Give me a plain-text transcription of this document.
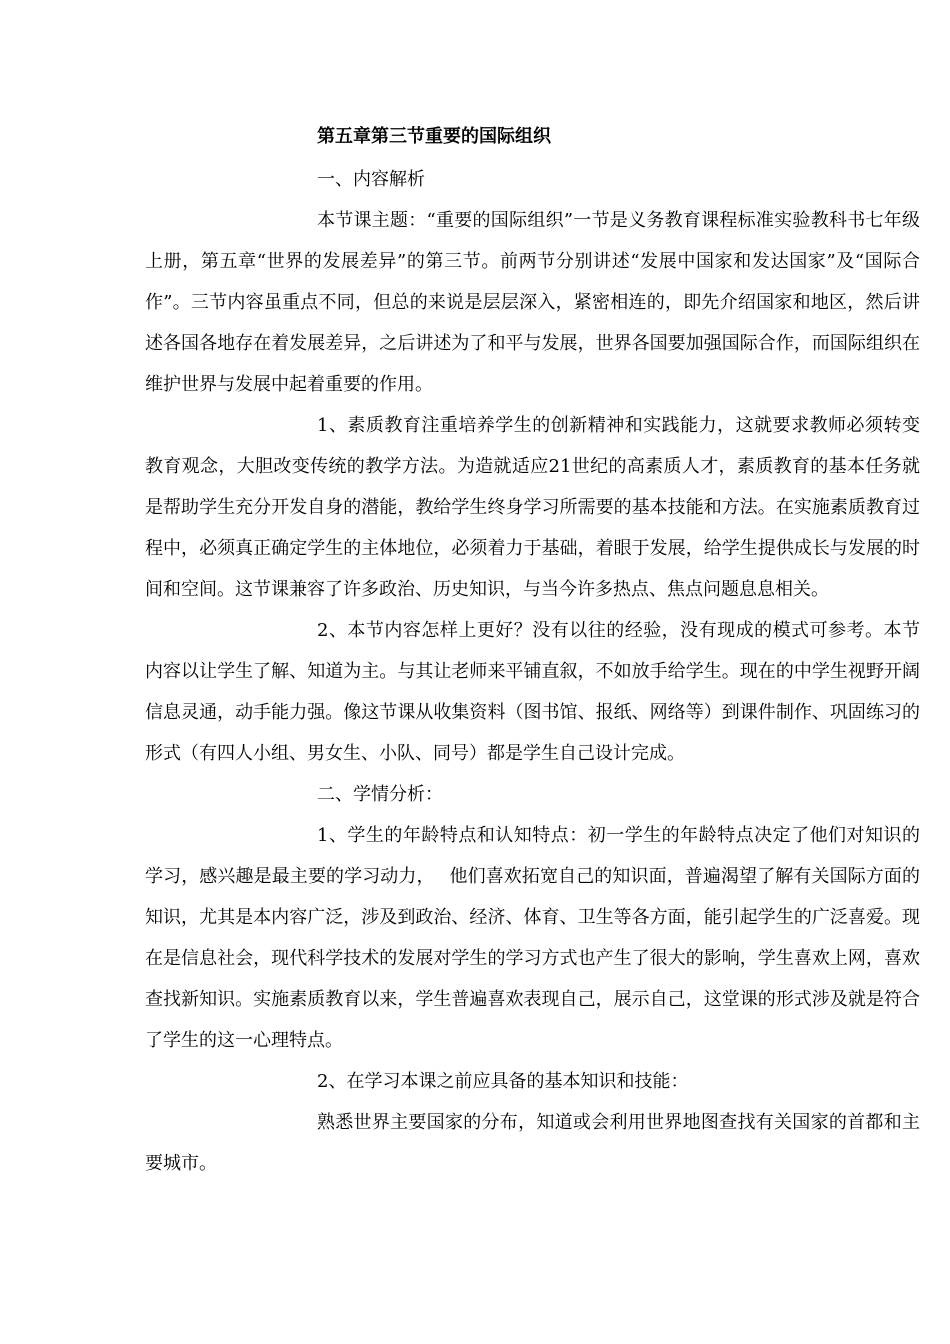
第五章第三节重要的国际组织

一、内容解析

本节课主题：“重要的国际组织”一节是义务教育课程标准实验教科书七年级上册，第五章“世界的发展差异”的第三节。前两节分别讲述“发展中国家和发达国家”及“国际合作”。三节内容虽重点不同，但总的来说是层层深入，紧密相连的，即先介绍国家和地区，然后讲述各国各地存在着发展差异，之后讲述为了和平与发展，世界各国要加强国际合作，而国际组织在维护世界与发展中起着重要的作用。

1、素质教育注重培养学生的创新精神和实践能力，这就要求教师必须转变教育观念，大胆改变传统的教学方法。为造就适应21世纪的高素质人才，素质教育的基本任务就是帮助学生充分开发自身的潜能，教给学生终身学习所需要的基本技能和方法。在实施素质教育过程中，必须真正确定学生的主体地位，必须着力于基础，着眼于发展，给学生提供成长与发展的时间和空间。这节课兼容了许多政治、历史知识，与当今许多热点、焦点问题息息相关。

2、本节内容怎样上更好？没有以往的经验，没有现成的模式可参考。本节内容以让学生了解、知道为主。与其让老师来平铺直叙，不如放手给学生。现在的中学生视野开阔信息灵通，动手能力强。像这节课从收集资料（图书馆、报纸、网络等）到课件制作、巩固练习的形式（有四人小组、男女生、小队、同号）都是学生自己设计完成。

二、学情分析：

1、学生的年龄特点和认知特点：初一学生的年龄特点决定了他们对知识的学习，感兴趣是最主要的学习动力，　 他们喜欢拓宽自己的知识面，普遍渴望了解有关国际方面的知识，尤其是本内容广泛，涉及到政治、经济、体育、卫生等各方面，能引起学生的广泛喜爱。现在是信息社会，现代科学技术的发展对学生的学习方式也产生了很大的影响，学生喜欢上网，喜欢查找新知识。实施素质教育以来，学生普遍喜欢表现自己，展示自己，这堂课的形式涉及就是符合了学生的这一心理特点。

2、在学习本课之前应具备的基本知识和技能：

熟悉世界主要国家的分布，知道或会利用世界地图查找有关国家的首都和主要城市。
